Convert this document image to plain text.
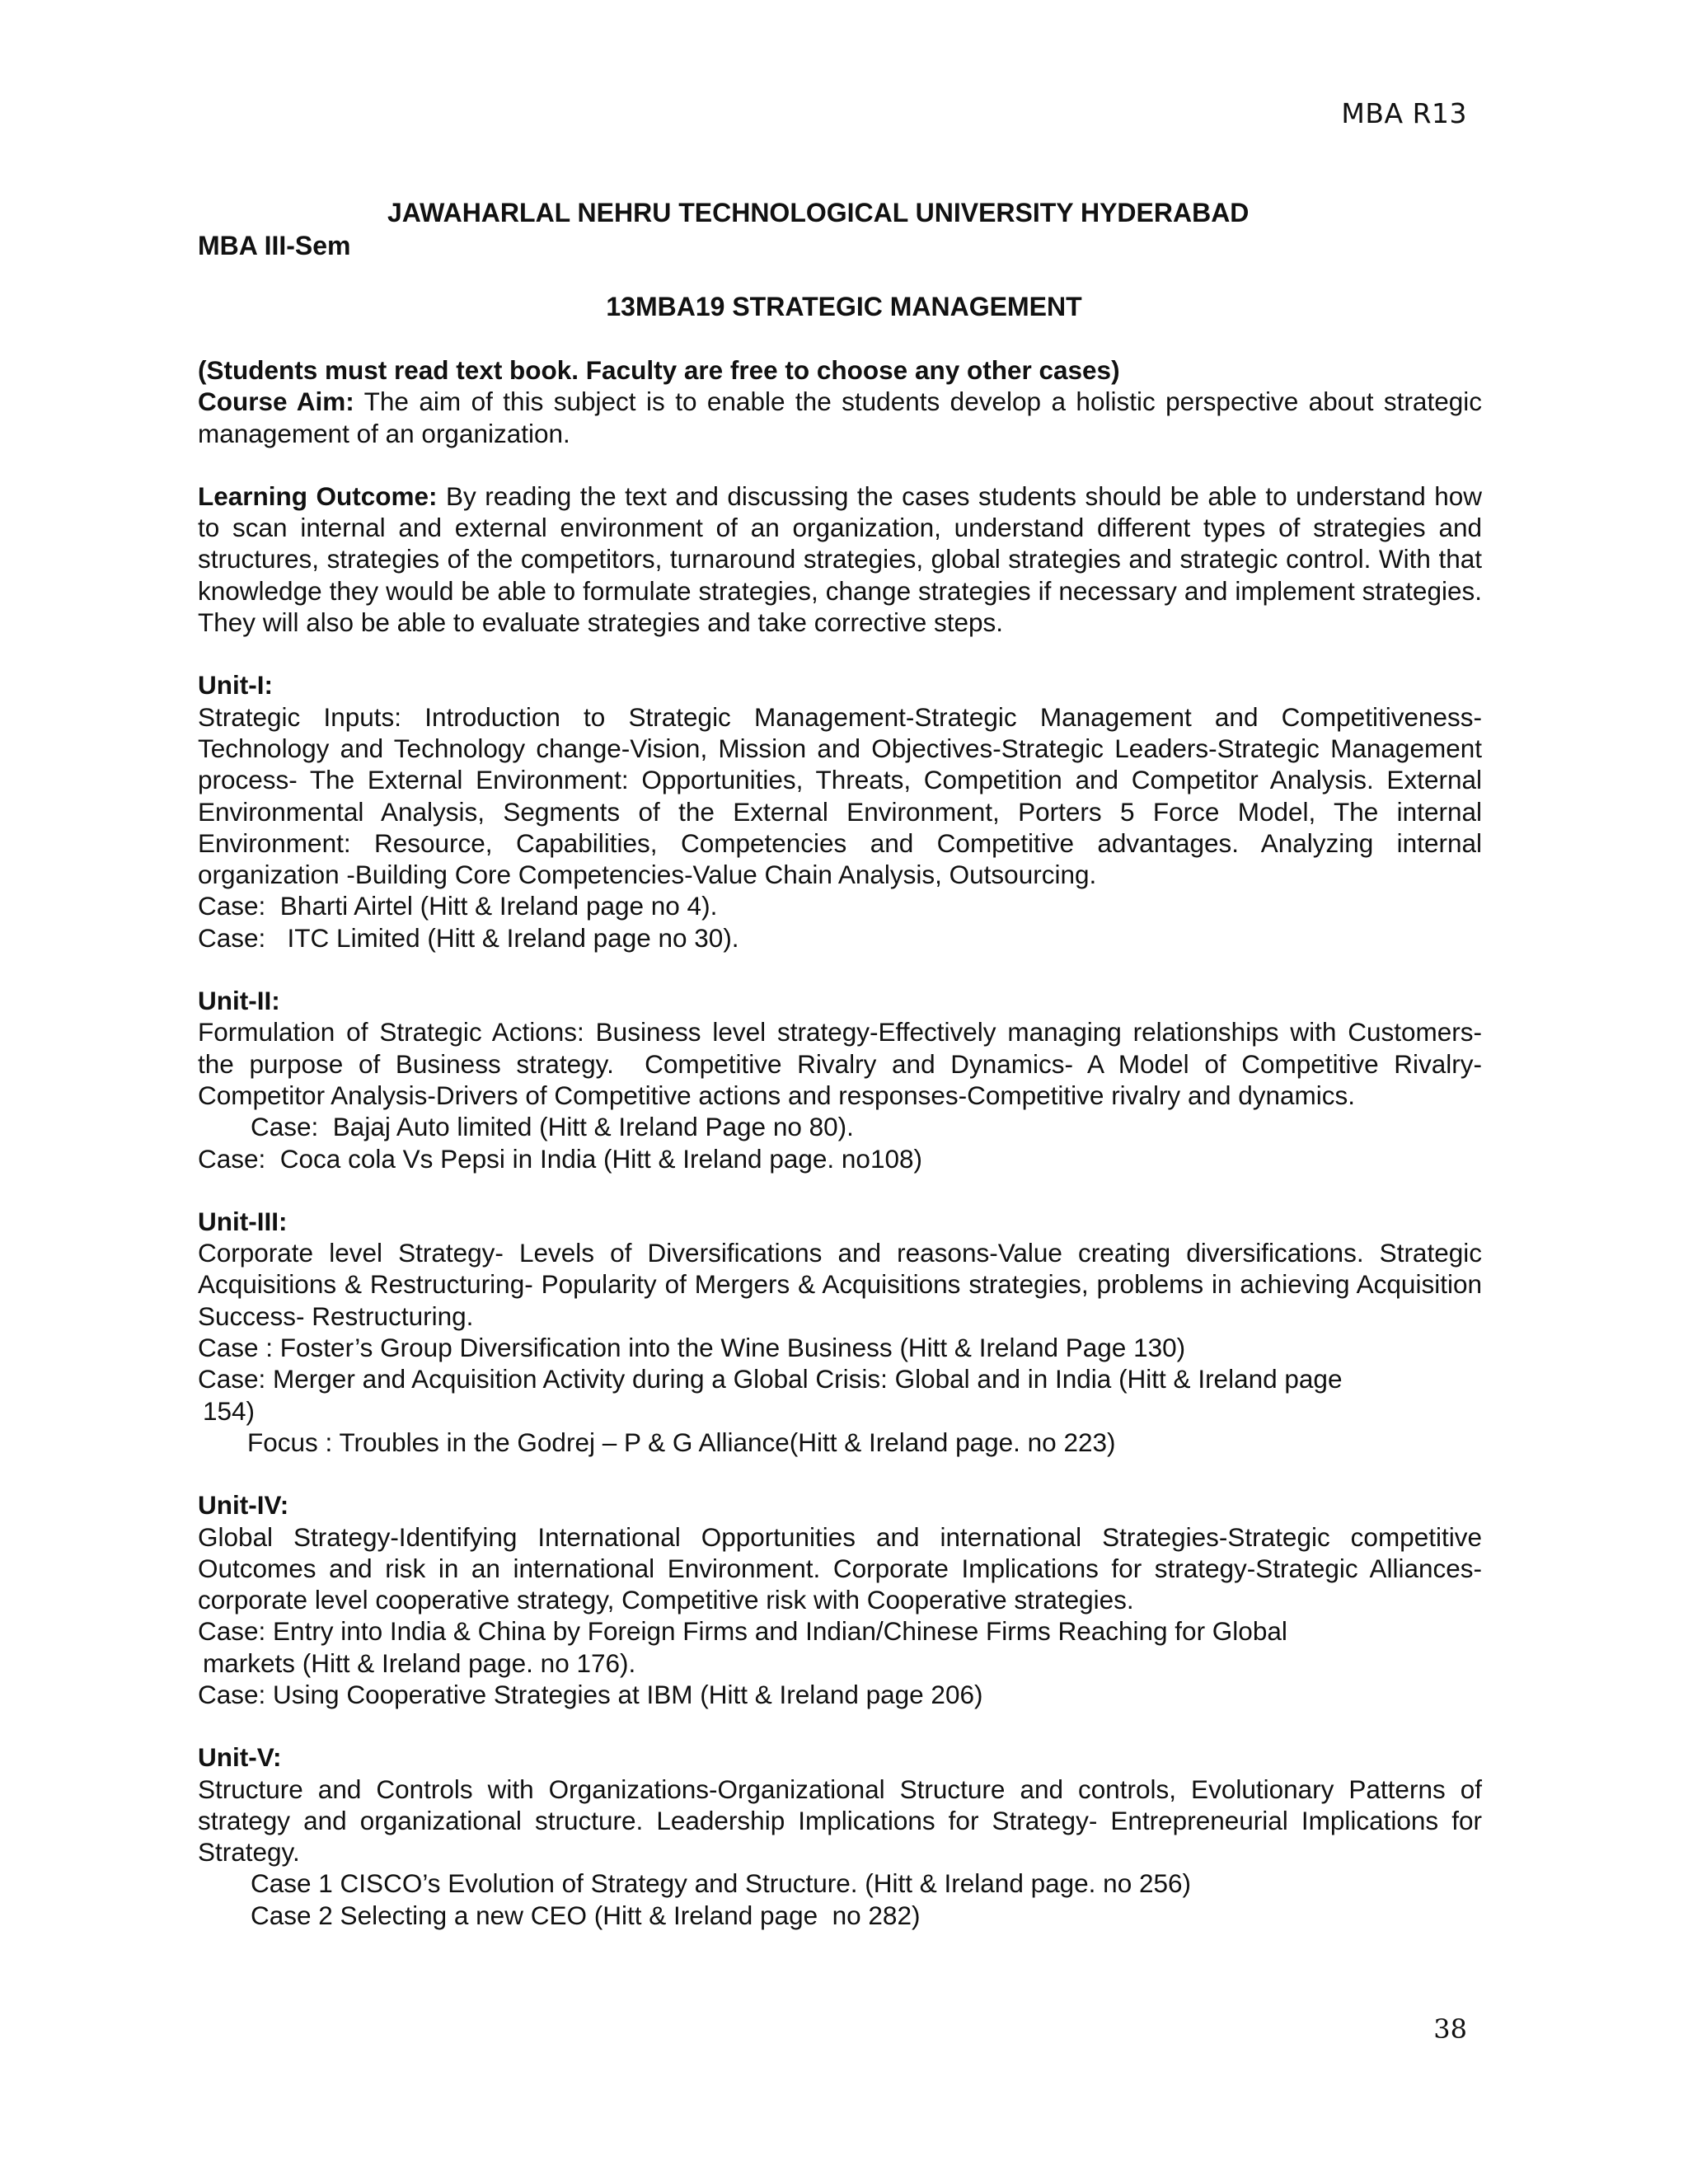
MBA R13
JAWAHARLAL NEHRU TECHNOLOGICAL UNIVERSITY HYDERABAD
MBA III-Sem
13MBA19 STRATEGIC MANAGEMENT

(Students must read text book. Faculty are free to choose any other cases)

Course Aim: The aim of this subject is to enable the students develop a holistic perspective about strategic management of an organization.

Learning Outcome: By reading the text and discussing the cases students should be able to understand how to scan internal and external environment of an organization, understand different types of strategies and structures, strategies of the competitors, turnaround strategies, global strategies and strategic control. With that knowledge they would be able to formulate strategies, change strategies if necessary and implement strategies. They will also be able to evaluate strategies and take corrective steps.

Unit-I:

Strategic Inputs: Introduction to Strategic Management-Strategic Management and Competitiveness-Technology and Technology change-Vision, Mission and Objectives-Strategic Leaders-Strategic Management process- The External Environment: Opportunities, Threats, Competition and Competitor Analysis. External Environmental Analysis, Segments of the External Environment, Porters 5 Force Model, The internal Environment: Resource, Capabilities, Competencies and Competitive advantages. Analyzing internal organization -Building Core Competencies-Value Chain Analysis, Outsourcing.

Case:  Bharti Airtel (Hitt & Ireland page no 4).

Case:   ITC Limited (Hitt & Ireland page no 30).

Unit-II:

Formulation of Strategic Actions: Business level strategy-Effectively managing relationships with Customers- the purpose of Business strategy.  Competitive Rivalry and Dynamics- A Model of Competitive Rivalry-Competitor Analysis-Drivers of Competitive actions and responses-Competitive rivalry and dynamics.

Case:  Bajaj Auto limited (Hitt & Ireland Page no 80).

Case:  Coca cola Vs Pepsi in India (Hitt & Ireland page. no108)

Unit-III:

Corporate level Strategy- Levels of Diversifications and reasons-Value creating diversifications. Strategic Acquisitions & Restructuring- Popularity of Mergers & Acquisitions strategies, problems in achieving Acquisition Success- Restructuring.

Case : Foster’s Group Diversification into the Wine Business (Hitt & Ireland Page 130)

Case: Merger and Acquisition Activity during a Global Crisis: Global and in India (Hitt & Ireland page
154)

Focus : Troubles in the Godrej – P & G Alliance(Hitt & Ireland page. no 223)

Unit-IV:

Global Strategy-Identifying International Opportunities and international Strategies-Strategic competitive Outcomes and risk in an international Environment. Corporate Implications for strategy-Strategic Alliances- corporate level cooperative strategy, Competitive risk with Cooperative strategies.

Case: Entry into India & China by Foreign Firms and Indian/Chinese Firms Reaching for Global
markets (Hitt & Ireland page. no 176).

Case: Using Cooperative Strategies at IBM (Hitt & Ireland page 206)

Unit-V:

Structure and Controls with Organizations-Organizational Structure and controls, Evolutionary Patterns of strategy and organizational structure. Leadership Implications for Strategy- Entrepreneurial Implications for Strategy.

Case 1 CISCO’s Evolution of Strategy and Structure. (Hitt & Ireland page. no 256)

Case 2 Selecting a new CEO (Hitt & Ireland page  no 282)

38
